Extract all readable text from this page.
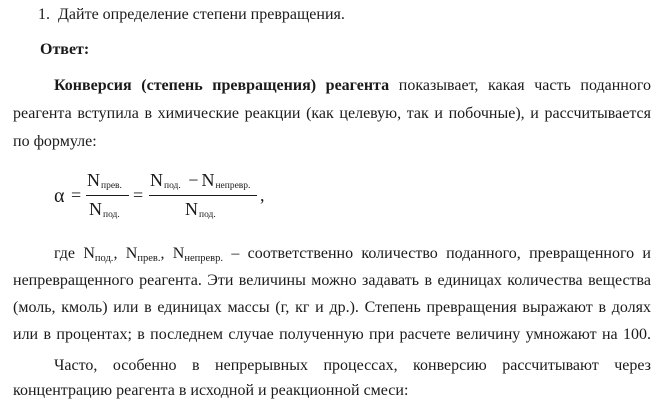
1. Дайте определение степени превращения.
Ответ:
Конверсия (степень превращения) реагента показывает, какая часть поданного
реагента вступила в химические реакции (как целевую, так и побочные), и рассчитывается
по формуле:
α =
Nпрев.
Nпод.
=
Nпод. − Nнепревр.
Nпод.
,
где $N_{под.}$, $N_{прев.}$, $N_{непревр.}$ – соответственно количество поданного, превращенного и
непревращенного реагента. Эти величины можно задавать в единицах количества вещества
(моль, кмоль) или в единицах массы (г, кг и др.). Степень превращения выражают в долях
или в процентах; в последнем случае полученную при расчете величину умножают на 100.
Часто, особенно в непрерывных процессах, конверсию рассчитывают через
концентрацию реагента в исходной и реакционной смеси:
